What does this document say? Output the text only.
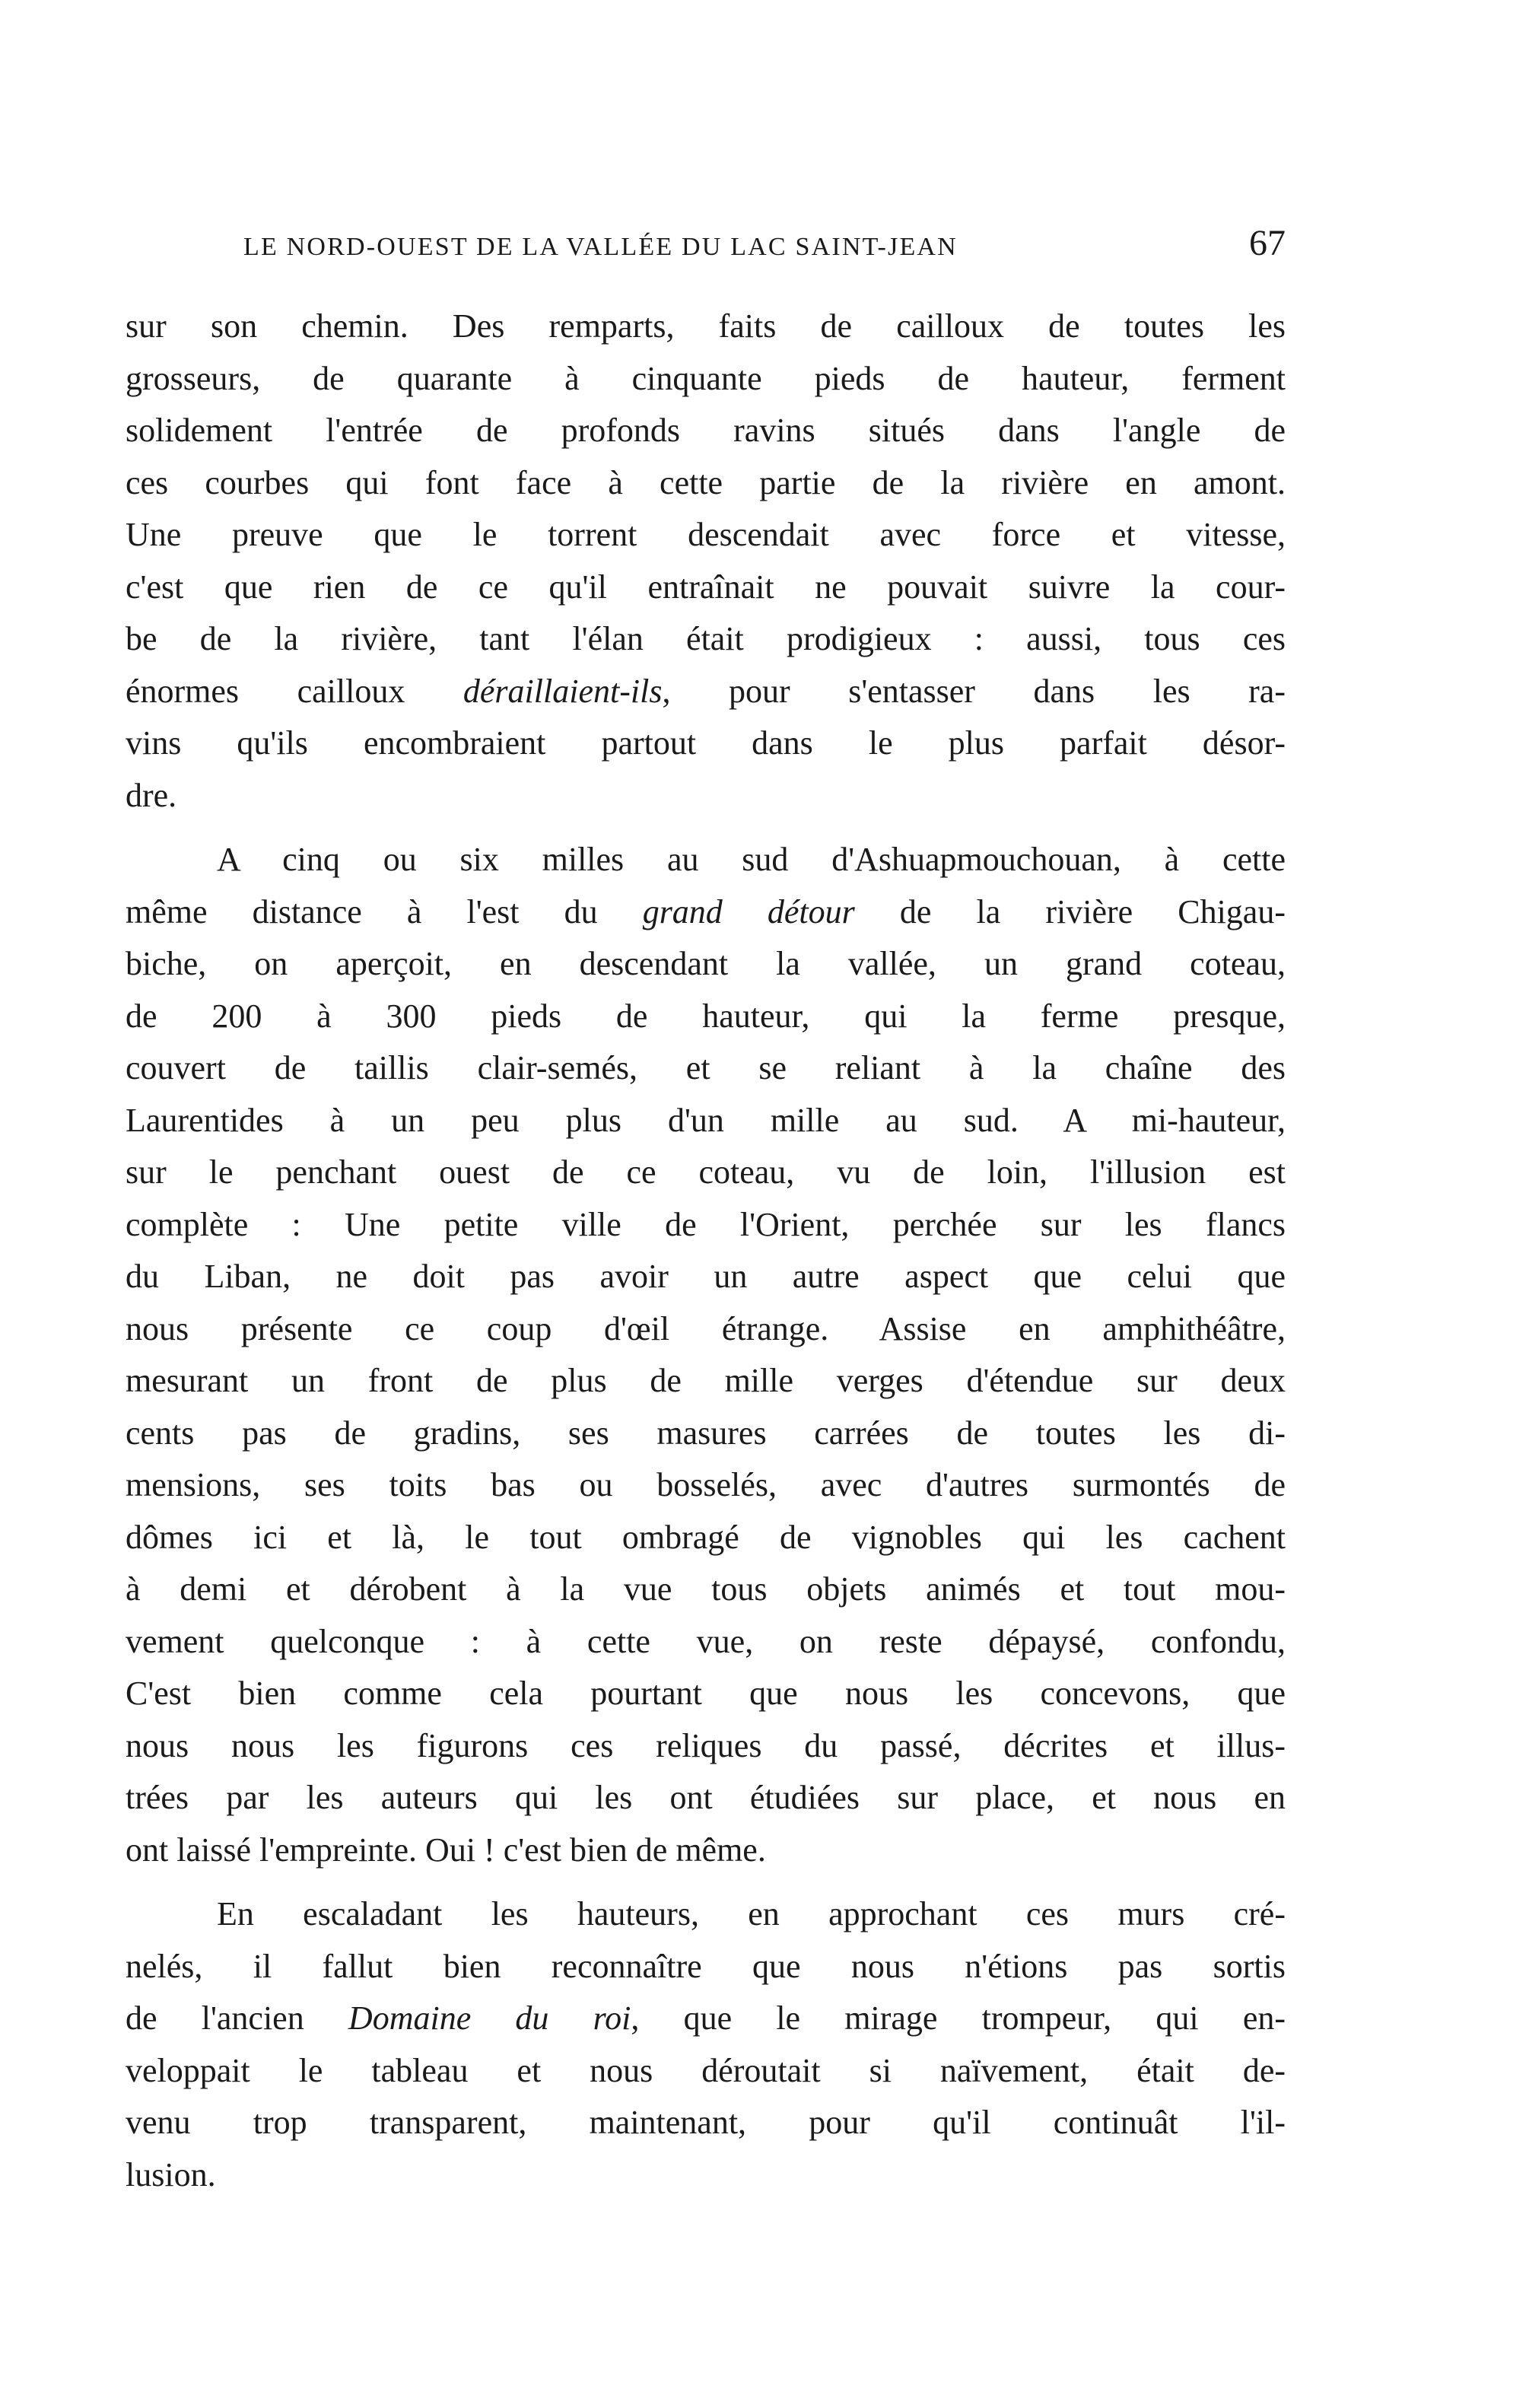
LE NORD-OUEST DE LA VALLÉE DU LAC SAINT-JEAN	67

sur son chemin. Des remparts, faits de cailloux de toutes les
grosseurs, de quarante à cinquante pieds de hauteur, ferment
solidement l'entrée de profonds ravins situés dans l'angle de
ces courbes qui font face à cette partie de la rivière en amont.
Une preuve que le torrent descendait avec force et vitesse,
c'est que rien de ce qu'il entraînait ne pouvait suivre la cour-
be de la rivière, tant l'élan était prodigieux : aussi, tous ces
énormes cailloux déraillaient-ils, pour s'entasser dans les ra-
vins qu'ils encombraient partout dans le plus parfait désor-
dre.

A cinq ou six milles au sud d'Ashuapmouchouan, à cette
même distance à l'est du grand détour de la rivière Chigau-
biche, on aperçoit, en descendant la vallée, un grand coteau,
de 200 à 300 pieds de hauteur, qui la ferme presque,
couvert de taillis clair-semés, et se reliant à la chaîne des
Laurentides à un peu plus d'un mille au sud. A mi-hauteur,
sur le penchant ouest de ce coteau, vu de loin, l'illusion est
complète : Une petite ville de l'Orient, perchée sur les flancs
du Liban, ne doit pas avoir un autre aspect que celui que
nous présente ce coup d'œil étrange. Assise en amphithéâtre,
mesurant un front de plus de mille verges d'étendue sur deux
cents pas de gradins, ses masures carrées de toutes les di-
mensions, ses toits bas ou bosselés, avec d'autres surmontés de
dômes ici et là, le tout ombragé de vignobles qui les cachent
à demi et dérobent à la vue tous objets animés et tout mou-
vement quelconque : à cette vue, on reste dépaysé, confondu,
C'est bien comme cela pourtant que nous les concevons, que
nous nous les figurons ces reliques du passé, décrites et illus-
trées par les auteurs qui les ont étudiées sur place, et nous en
ont laissé l'empreinte. Oui ! c'est bien de même.

En escaladant les hauteurs, en approchant ces murs cré-
nelés, il fallut bien reconnaître que nous n'étions pas sortis
de l'ancien Domaine du roi, que le mirage trompeur, qui en-
veloppait le tableau et nous déroutait si naïvement, était de-
venu trop transparent, maintenant, pour qu'il continuât l'il-
lusion.
